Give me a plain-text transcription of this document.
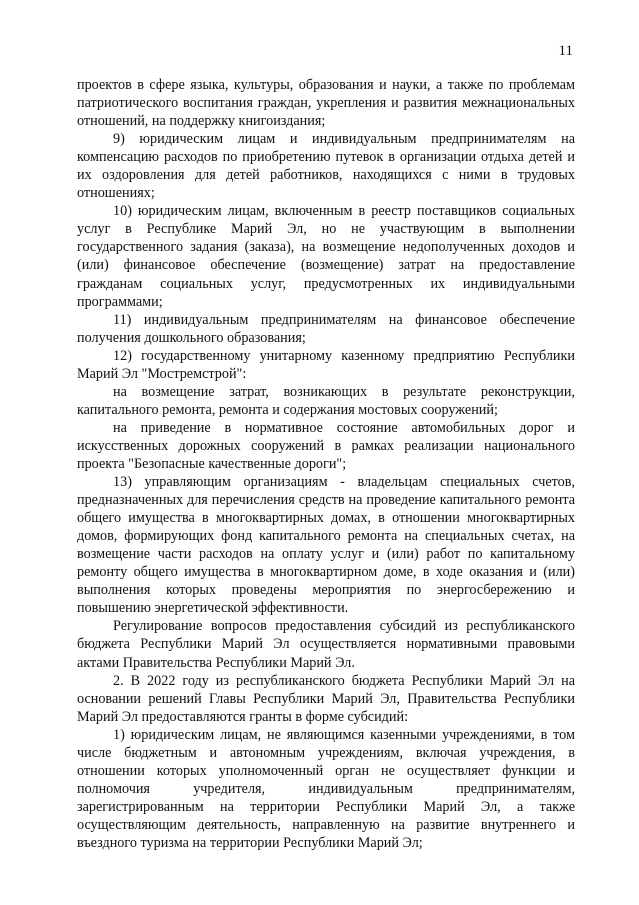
11

проектов в сфере языка, культуры, образования и науки, а также по проблемам патриотического воспитания граждан, укрепления и развития межнациональных отношений, на поддержку книгоиздания;

9) юридическим лицам и индивидуальным предпринимателям на компенсацию расходов по приобретению путевок в организации отдыха детей и их оздоровления для детей работников, находящихся с ними в трудовых отношениях;

10) юридическим лицам, включенным в реестр поставщиков социальных услуг в Республике Марий Эл, но не участвующим в выполнении государственного задания (заказа), на возмещение недополученных доходов и (или) финансовое обеспечение (возмещение) затрат на предоставление гражданам социальных услуг, предусмотренных их индивидуальными программами;

11) индивидуальным предпринимателям на финансовое обеспечение получения дошкольного образования;

12) государственному унитарному казенному предприятию Республики Марий Эл "Мостремстрой":

на возмещение затрат, возникающих в результате реконструкции, капитального ремонта, ремонта и содержания мостовых сооружений;

на приведение в нормативное состояние автомобильных дорог и искусственных дорожных сооружений в рамках реализации национального проекта "Безопасные качественные дороги";

13) управляющим организациям - владельцам специальных счетов, предназначенных для перечисления средств на проведение капитального ремонта общего имущества в многоквартирных домах, в отношении многоквартирных домов, формирующих фонд капитального ремонта на специальных счетах, на возмещение части расходов на оплату услуг и (или) работ по капитальному ремонту общего имущества в многоквартирном доме, в ходе оказания и (или) выполнения которых проведены мероприятия по энергосбережению и повышению энергетической эффективности.

Регулирование вопросов предоставления субсидий из республиканского бюджета Республики Марий Эл осуществляется нормативными правовыми актами Правительства Республики Марий Эл.

2. В 2022 году из республиканского бюджета Республики Марий Эл на основании решений Главы Республики Марий Эл, Правительства Республики Марий Эл предоставляются гранты в форме субсидий:

1) юридическим лицам, не являющимся казенными учреждениями, в том числе бюджетным и автономным учреждениям, включая учреждения, в отношении которых уполномоченный орган не осуществляет функции и полномочия учредителя, индивидуальным предпринимателям, зарегистрированным на территории Республики Марий Эл, а также осуществляющим деятельность, направленную на развитие внутреннего и въездного туризма на территории Республики Марий Эл;
